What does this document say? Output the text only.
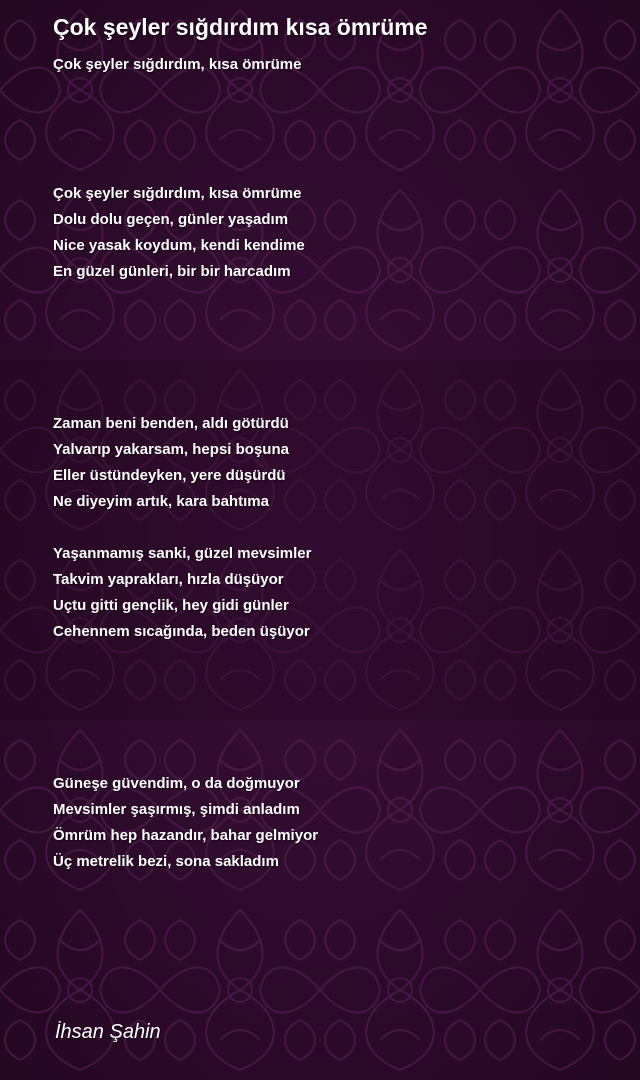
Çok şeyler sığdırdım kısa ömrüme
Çok şeyler sığdırdım, kısa ömrüme
Çok şeyler sığdırdım, kısa ömrüme
Dolu dolu geçen, günler yaşadım
Nice yasak koydum, kendi kendime
En güzel günleri, bir bir harcadım
Zaman beni benden, aldı götürdü
Yalvarıp yakarsam, hepsi boşuna
Eller üstündeyken, yere düşürdü
Ne diyeyim artık, kara bahtıma
Yaşanmamış sanki, güzel mevsimler
Takvim yaprakları, hızla düşüyor
Uçtu gitti gençlik, hey gidi günler
Cehennem sıcağında, beden üşüyor
Güneşe güvendim, o da doğmuyor
Mevsimler şaşırmış, şimdi anladım
Ömrüm hep hazandır, bahar gelmiyor
Üç metrelik bezi, sona sakladım
İhsan Şahin
